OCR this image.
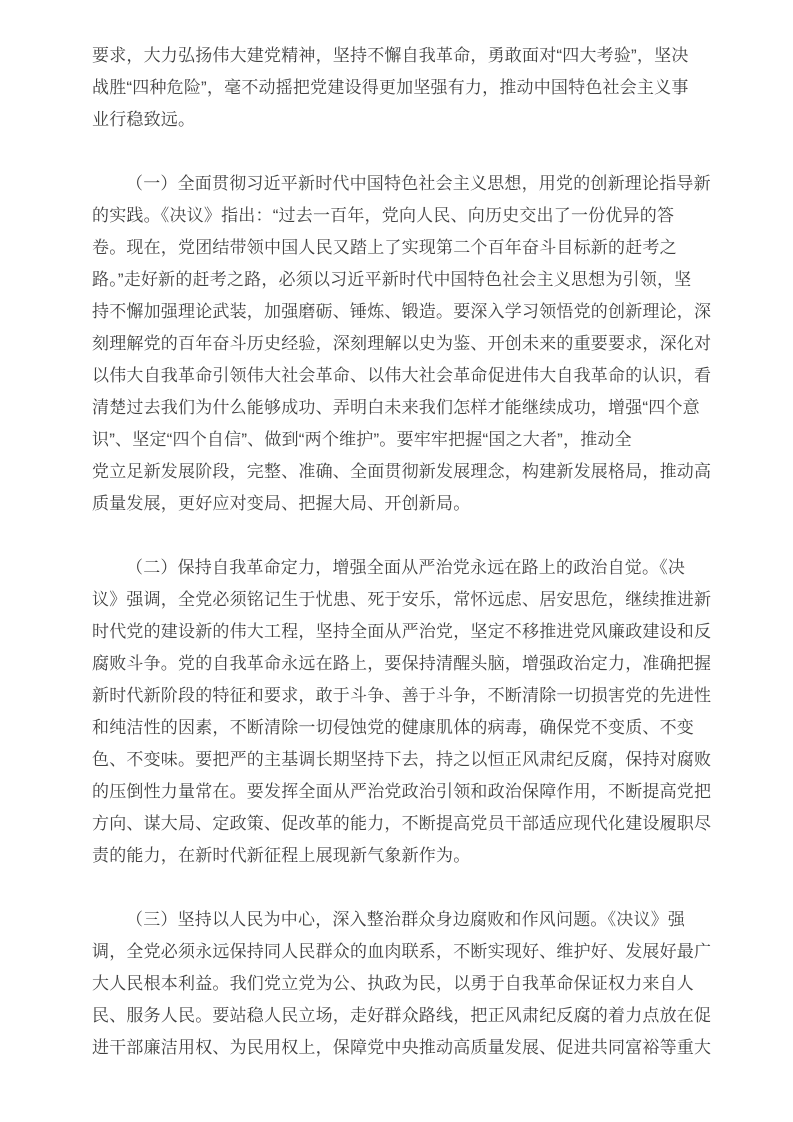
要求，大力弘扬伟大建党精神，坚持不懈自我革命，勇敢面对“四大考验”，坚决
战胜“四种危险”，毫不动摇把党建设得更加坚强有力，推动中国特色社会主义事
业行稳致远。
（一）全面贯彻习近平新时代中国特色社会主义思想，用党的创新理论指导新
的实践。《决议》指出：“过去一百年，党向人民、向历史交出了一份优异的答
卷。现在，党团结带领中国人民又踏上了实现第二个百年奋斗目标新的赶考之
路。”走好新的赶考之路，必须以习近平新时代中国特色社会主义思想为引领，坚
持不懈加强理论武装，加强磨砺、锤炼、锻造。要深入学习领悟党的创新理论，深
刻理解党的百年奋斗历史经验，深刻理解以史为鉴、开创未来的重要要求，深化对
以伟大自我革命引领伟大社会革命、以伟大社会革命促进伟大自我革命的认识，看
清楚过去我们为什么能够成功、弄明白未来我们怎样才能继续成功，增强“四个意
识”、坚定“四个自信”、做到“两个维护”。要牢牢把握“国之大者”，推动全
党立足新发展阶段，完整、准确、全面贯彻新发展理念，构建新发展格局，推动高
质量发展，更好应对变局、把握大局、开创新局。
（二）保持自我革命定力，增强全面从严治党永远在路上的政治自觉。《决
议》强调，全党必须铭记生于忧患、死于安乐，常怀远虑、居安思危，继续推进新
时代党的建设新的伟大工程，坚持全面从严治党，坚定不移推进党风廉政建设和反
腐败斗争。党的自我革命永远在路上，要保持清醒头脑，增强政治定力，准确把握
新时代新阶段的特征和要求，敢于斗争、善于斗争，不断清除一切损害党的先进性
和纯洁性的因素，不断清除一切侵蚀党的健康肌体的病毒，确保党不变质、不变
色、不变味。要把严的主基调长期坚持下去，持之以恒正风肃纪反腐，保持对腐败
的压倒性力量常在。要发挥全面从严治党政治引领和政治保障作用，不断提高党把
方向、谋大局、定政策、促改革的能力，不断提高党员干部适应现代化建设履职尽
责的能力，在新时代新征程上展现新气象新作为。
（三）坚持以人民为中心，深入整治群众身边腐败和作风问题。《决议》强
调，全党必须永远保持同人民群众的血肉联系，不断实现好、维护好、发展好最广
大人民根本利益。我们党立党为公、执政为民，以勇于自我革命保证权力来自人
民、服务人民。要站稳人民立场，走好群众路线，把正风肃纪反腐的着力点放在促
进干部廉洁用权、为民用权上，保障党中央推动高质量发展、促进共同富裕等重大
